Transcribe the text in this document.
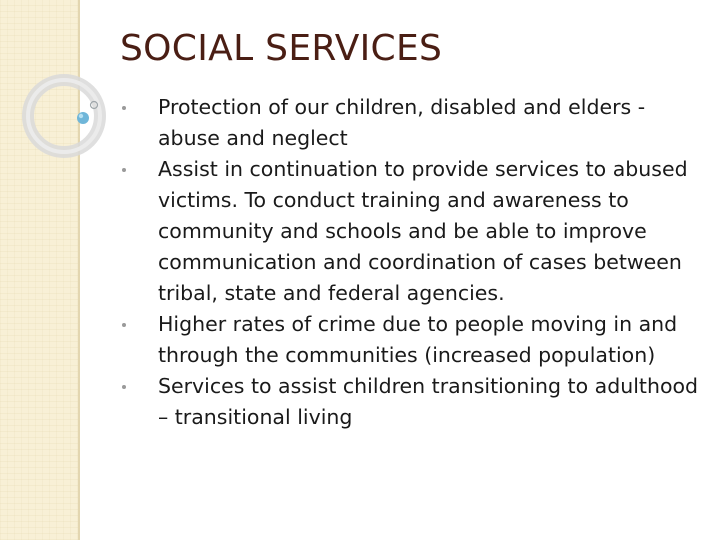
SOCIAL SERVICES
Protection of our children, disabled and elders - abuse and neglect
Assist in continuation to provide services to abused victims. To conduct training and awareness to community and schools and be able to improve communication and coordination of cases between tribal, state and federal agencies.
Higher rates of crime due to people moving in and through the communities (increased population)
Services to assist children transitioning to adulthood – transitional living
